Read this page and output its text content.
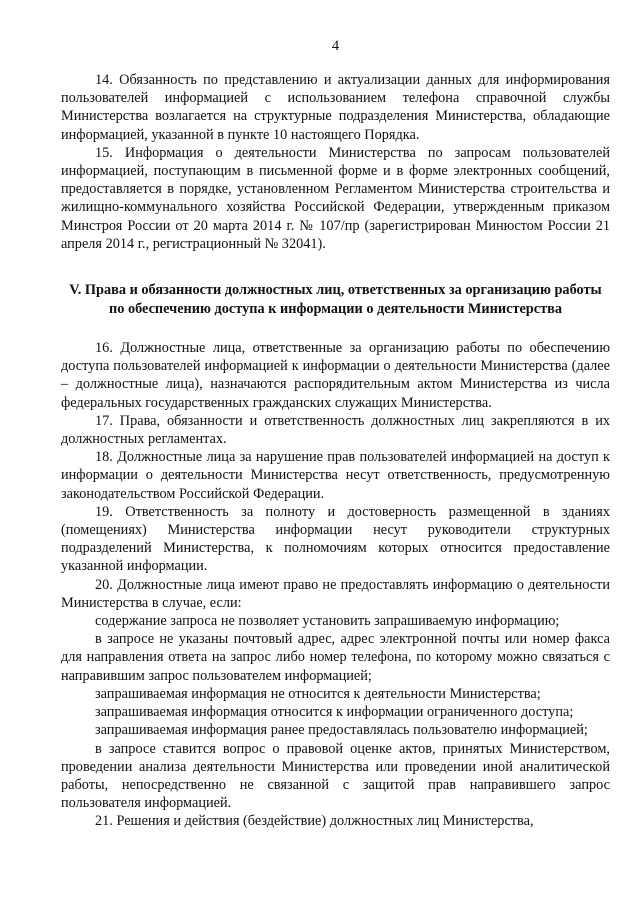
4

14. Обязанность по представлению и актуализации данных для информирования пользователей информацией с использованием телефона справочной службы Министерства возлагается на структурные подразделения Министерства, обладающие информацией, указанной в пункте 10 настоящего Порядка.

15. Информация о деятельности Министерства по запросам пользователей информацией, поступающим в письменной форме и в форме электронных сообщений, предоставляется в порядке, установленном Регламентом Министерства строительства и жилищно-коммунального хозяйства Российской Федерации, утвержденным приказом Минстроя России от 20 марта 2014 г. № 107/пр (зарегистрирован Минюстом России 21 апреля 2014 г., регистрационный № 32041).

V. Права и обязанности должностных лиц, ответственных за организацию работы по обеспечению доступа к информации о деятельности Министерства

16. Должностные лица, ответственные за организацию работы по обеспечению доступа пользователей информацией к информации о деятельности Министерства (далее – должностные лица), назначаются распорядительным актом Министерства из числа федеральных государственных гражданских служащих Министерства.

17. Права, обязанности и ответственность должностных лиц закрепляются в их должностных регламентах.

18. Должностные лица за нарушение прав пользователей информацией на доступ к информации о деятельности Министерства несут ответственность, предусмотренную законодательством Российской Федерации.

19. Ответственность за полноту и достоверность размещенной в зданиях (помещениях) Министерства информации несут руководители структурных подразделений Министерства, к полномочиям которых относится предоставление указанной информации.

20. Должностные лица имеют право не предоставлять информацию о деятельности Министерства в случае, если:

содержание запроса не позволяет установить запрашиваемую информацию;

в запросе не указаны почтовый адрес, адрес электронной почты или номер факса для направления ответа на запрос либо номер телефона, по которому можно связаться с направившим запрос пользователем информацией;

запрашиваемая информация не относится к деятельности Министерства;

запрашиваемая информация относится к информации ограниченного доступа;

запрашиваемая информация ранее предоставлялась пользователю информацией;

в запросе ставится вопрос о правовой оценке актов, принятых Министерством, проведении анализа деятельности Министерства или проведении иной аналитической работы, непосредственно не связанной с защитой прав направившего запрос пользователя информацией.

21. Решения и действия (бездействие) должностных лиц Министерства,
